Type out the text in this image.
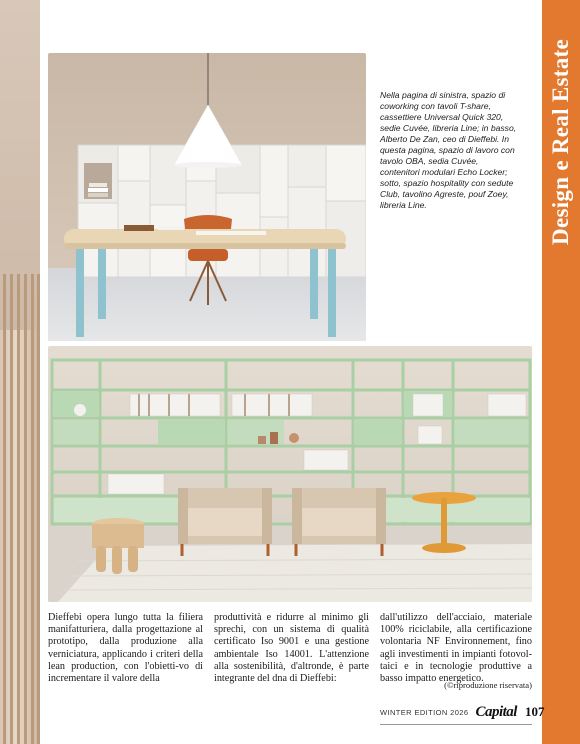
Design e Real Estate
Nella pagina di sinistra, spazio di coworking con tavoli T-share, cassettiere Universal Quick 320, sedie Cuvée, libreria Line; in basso, Alberto De Zan, ceo di Dieffebi. In questa pagina, spazio di lavoro con tavolo OBA, sedia Cuvée, contenitori modulari Echo Locker; sotto, spazio hospitality con sedute Club, tavolino Agreste, pouf Zoey, libreria Line.
Dieffebi opera lungo tutta la filiera manifatturiera, dalla progettazione al prototipo, dalla produzione alla verniciatura, applicando i criteri della lean production, con l'obietti-vo di incrementare il valore della
produttività e ridurre al minimo gli sprechi, con un sistema di qualità certificato Iso 9001 e una gestione ambientale Iso 14001. L'attenzione alla sostenibilità, d'altronde, è parte integrante del dna di Dieffebi:
dall'utilizzo dell'acciaio, materiale 100% riciclabile, alla certificazione volontaria NF Environnement, fino agli investimenti in impianti fotovol-taici e in tecnologie produttive a basso impatto energetico.
(©riproduzione riservata)
WINTER EDITION 2026 Capital 107
